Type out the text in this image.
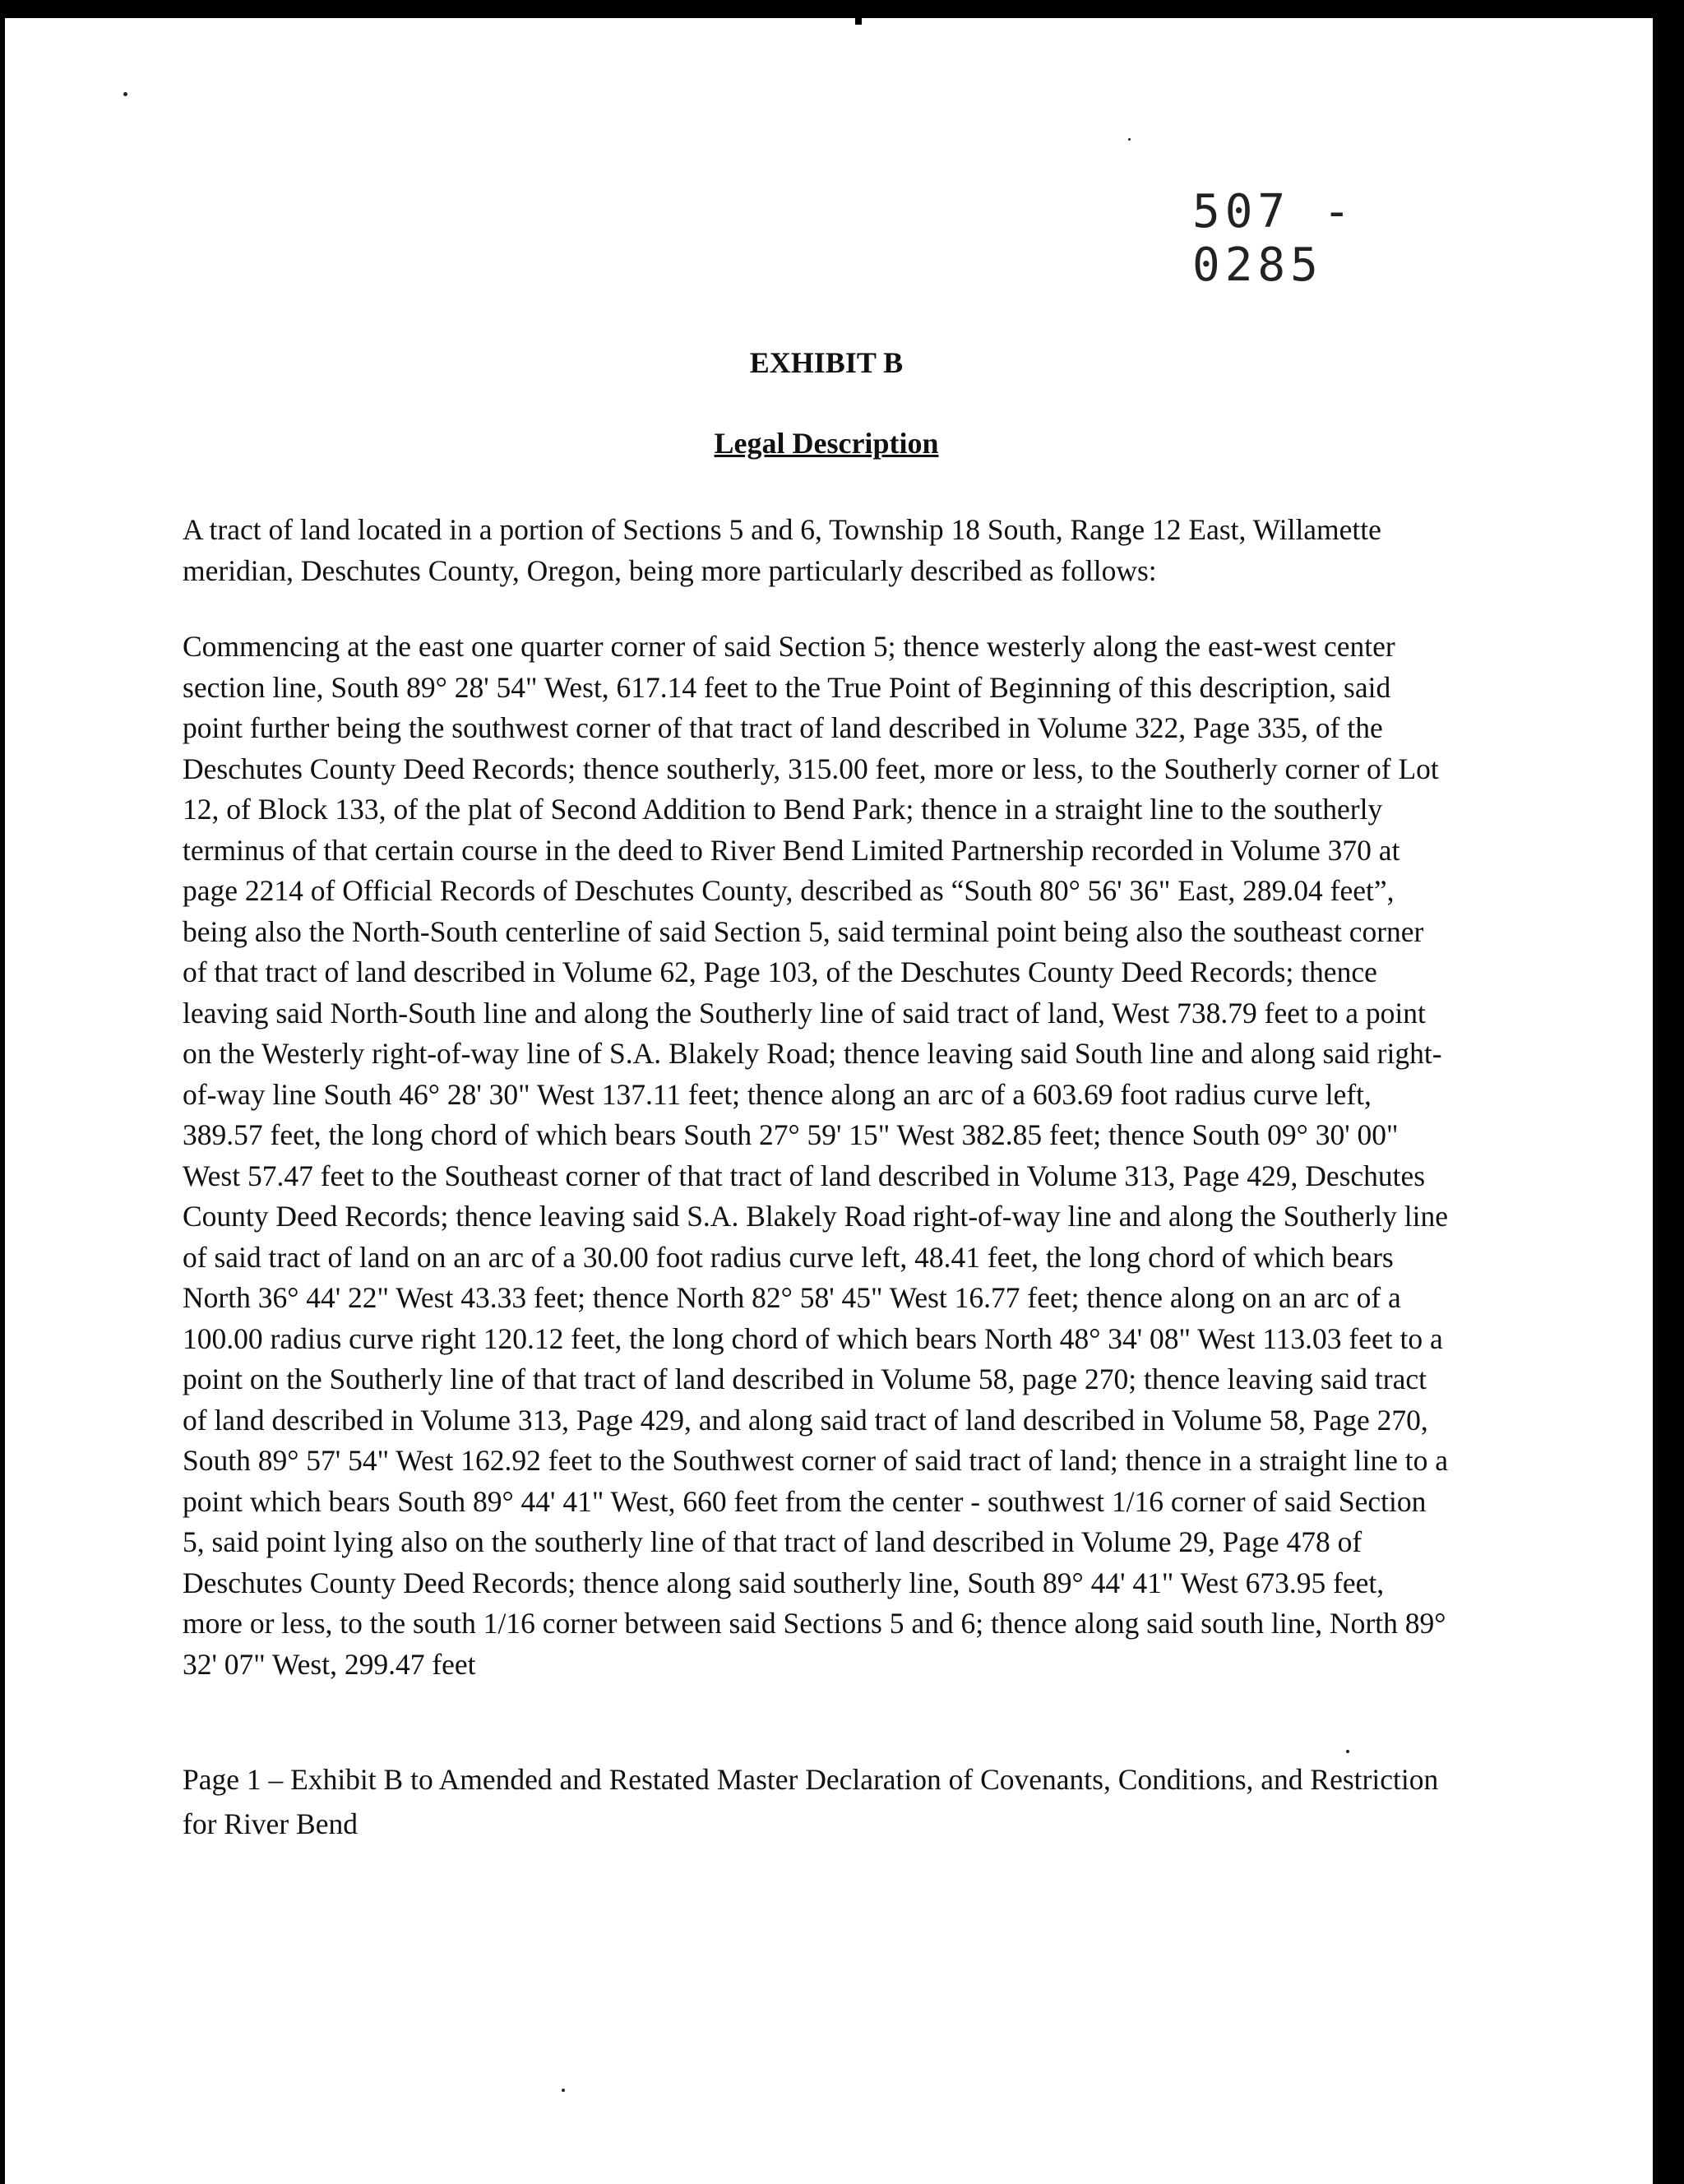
507 - 0285
EXHIBIT B
Legal Description
A tract of land located in a portion of Sections 5 and 6, Township 18 South, Range 12 East, Willamette meridian, Deschutes County, Oregon, being more particularly described as follows:
Commencing at the east one quarter corner of said Section 5; thence westerly along the east-west center section line, South 89° 28' 54" West, 617.14 feet to the True Point of Beginning of this description, said point further being the southwest corner of that tract of land described in Volume 322, Page 335, of the Deschutes County Deed Records; thence southerly, 315.00 feet, more or less, to the Southerly corner of Lot 12, of Block 133, of the plat of Second Addition to Bend Park; thence in a straight line to the southerly terminus of that certain course in the deed to River Bend Limited Partnership recorded in Volume 370 at page 2214 of Official Records of Deschutes County, described as “South 80° 56' 36" East, 289.04 feet”, being also the North-South centerline of said Section 5, said terminal point being also the southeast corner of that tract of land described in Volume 62, Page 103, of the Deschutes County Deed Records; thence leaving said North-South line and along the Southerly line of said tract of land, West 738.79 feet to a point on the Westerly right-of-way line of S.A. Blakely Road; thence leaving said South line and along said right-of-way line South 46° 28' 30" West 137.11 feet; thence along an arc of a 603.69 foot radius curve left, 389.57 feet, the long chord of which bears South 27° 59' 15" West 382.85 feet; thence South 09° 30' 00" West 57.47 feet to the Southeast corner of that tract of land described in Volume 313, Page 429, Deschutes County Deed Records; thence leaving said S.A. Blakely Road right-of-way line and along the Southerly line of said tract of land on an arc of a 30.00 foot radius curve left, 48.41 feet, the long chord of which bears North 36° 44' 22" West 43.33 feet; thence North 82° 58' 45" West 16.77 feet; thence along on an arc of a 100.00 radius curve right 120.12 feet, the long chord of which bears North 48° 34' 08" West 113.03 feet to a point on the Southerly line of that tract of land described in Volume 58, page 270; thence leaving said tract of land described in Volume 313, Page 429, and along said tract of land described in Volume 58, Page 270, South 89° 57' 54" West 162.92 feet to the Southwest corner of said tract of land; thence in a straight line to a point which bears South 89° 44' 41" West, 660 feet from the center - southwest 1/16 corner of said Section 5, said point lying also on the southerly line of that tract of land described in Volume 29, Page 478 of Deschutes County Deed Records; thence along said southerly line, South 89° 44' 41" West 673.95 feet, more or less, to the south 1/16 corner between said Sections 5 and 6; thence along said south line, North 89° 32' 07" West, 299.47 feet
Page 1 – Exhibit B to Amended and Restated Master Declaration of Covenants, Conditions, and Restriction for River Bend
